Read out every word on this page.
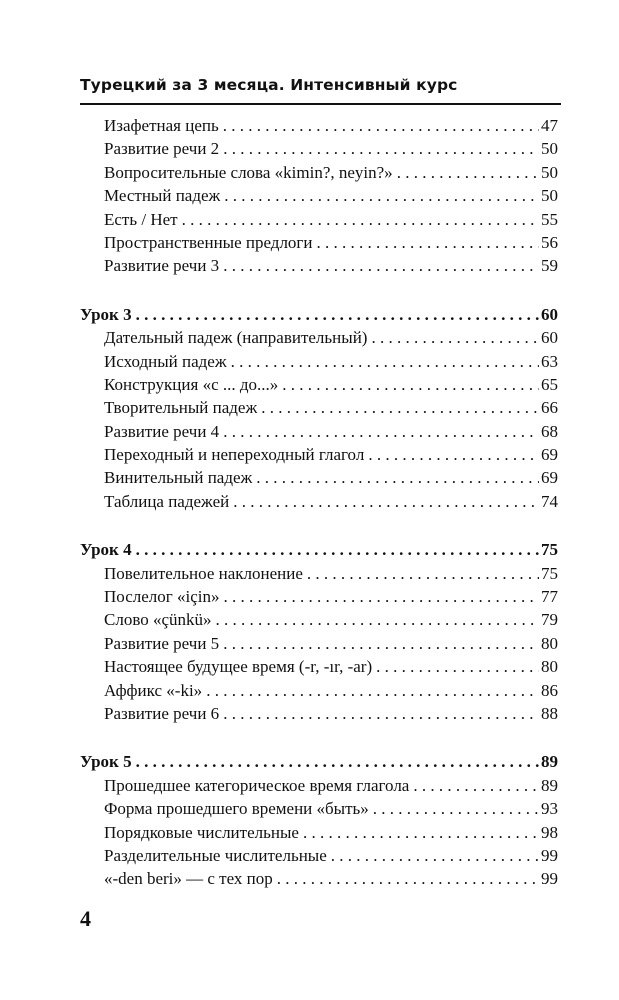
Турецкий за 3 месяца. Интенсивный курс
Изафетная цепь . . .	47
Развитие речи 2 . . .	50
Вопросительные слова «kimin?, neyin?» . . .	50
Местный падеж . . .	50
Есть / Нет . . .	55
Пространственные предлоги . . .	56
Развитие речи 3 . . .	59
Урок 3 . . .	60
Дательный падеж (направительный) . . .	60
Исходный падеж . . .	63
Конструкция «с ... до...» . . .	65
Творительный падеж . . .	66
Развитие речи 4 . . .	68
Переходный и непереходный глагол . . .	69
Винительный падеж . . .	69
Таблица падежей . . .	74
Урок 4 . . .	75
Повелительное наклонение . . .	75
Послелог «için» . . .	77
Слово «çünkü» . . .	79
Развитие речи 5 . . .	80
Настоящее будущее время (-r, -ır, -ar) . . .	80
Аффикс «-ki» . . .	86
Развитие речи 6 . . .	88
Урок 5 . . .	89
Прошедшее категорическое время глагола . . .	89
Форма прошедшего времени «быть» . . .	93
Порядковые числительные . . .	98
Разделительные числительные . . .	99
«-den beri» — с тех пор . . .	99
4
